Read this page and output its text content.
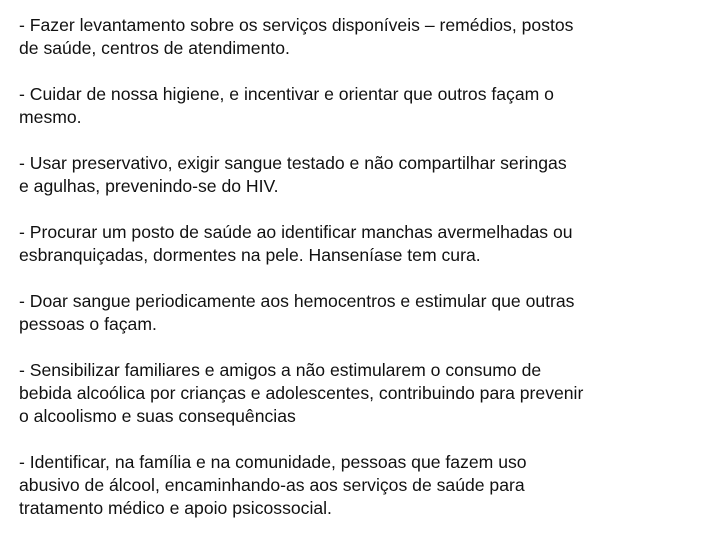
- Fazer levantamento sobre os serviços disponíveis – remédios, postos
de saúde, centros de atendimento.

- Cuidar de nossa higiene, e incentivar e orientar que outros façam o
mesmo.

- Usar preservativo, exigir sangue testado e não compartilhar seringas
e agulhas, prevenindo-se do HIV.

- Procurar um posto de saúde ao identificar manchas avermelhadas ou
esbranquiçadas, dormentes na pele. Hanseníase tem cura.

- Doar sangue periodicamente aos hemocentros e estimular que outras
pessoas o façam.

- Sensibilizar familiares e amigos a não estimularem o consumo de
bebida alcoólica por crianças e adolescentes, contribuindo para prevenir
o alcoolismo e suas consequências

- Identificar, na família e na comunidade, pessoas que fazem uso
abusivo de álcool, encaminhando-as aos serviços de saúde para
tratamento médico e apoio psicossocial.
